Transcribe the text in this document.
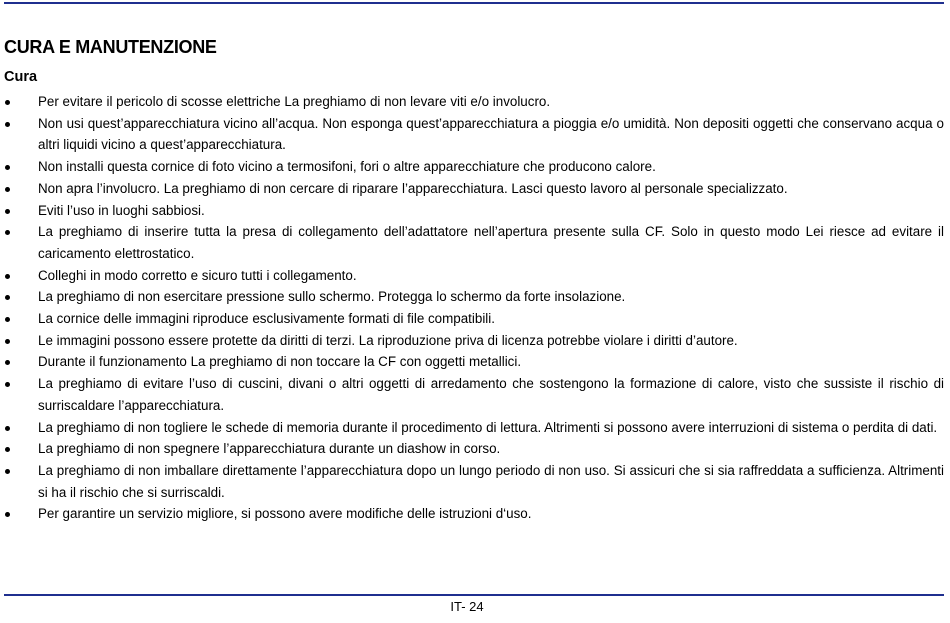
CURA E MANUTENZIONE
Cura
Per evitare il pericolo di scosse elettriche La preghiamo di non levare viti e/o involucro.
Non usi quest’apparecchiatura vicino all’acqua. Non esponga quest’apparecchiatura a pioggia e/o umidità. Non depositi oggetti che conservano acqua o altri liquidi vicino a quest’apparecchiatura.
Non installi questa cornice di foto vicino a termosifoni, fori o altre apparecchiature che producono calore.
Non apra l’involucro. La preghiamo di non cercare di riparare l’apparecchiatura. Lasci questo lavoro al personale specializzato.
Eviti l’uso in luoghi sabbiosi.
La preghiamo di inserire tutta la presa di collegamento dell’adattatore nell’apertura presente sulla CF. Solo in questo modo Lei riesce ad evitare il caricamento elettrostatico.
Colleghi in modo corretto e sicuro tutti i collegamento.
La preghiamo di non esercitare pressione sullo schermo. Protegga lo schermo da forte insolazione.
La cornice delle immagini riproduce esclusivamente formati di file compatibili.
Le immagini possono essere protette da diritti di terzi. La riproduzione priva di licenza potrebbe violare i diritti d’autore.
Durante il funzionamento La preghiamo di non toccare la CF con oggetti metallici.
La preghiamo di evitare l’uso di cuscini, divani o altri oggetti di arredamento che sostengono la formazione di calore, visto che sussiste il rischio di surriscaldare l’apparecchiatura.
La preghiamo di non togliere le schede di memoria durante il procedimento di lettura. Altrimenti si possono avere interruzioni di sistema o perdita di dati.
La preghiamo di non spegnere l’apparecchiatura durante un diashow in corso.
La preghiamo di non imballare direttamente l’apparecchiatura dopo un lungo periodo di non uso. Si assicuri che si sia raffreddata a sufficienza. Altrimenti si ha il rischio che si surriscaldi.
Per garantire un servizio migliore, si possono avere modifiche delle istruzioni d‘uso.
IT- 24
